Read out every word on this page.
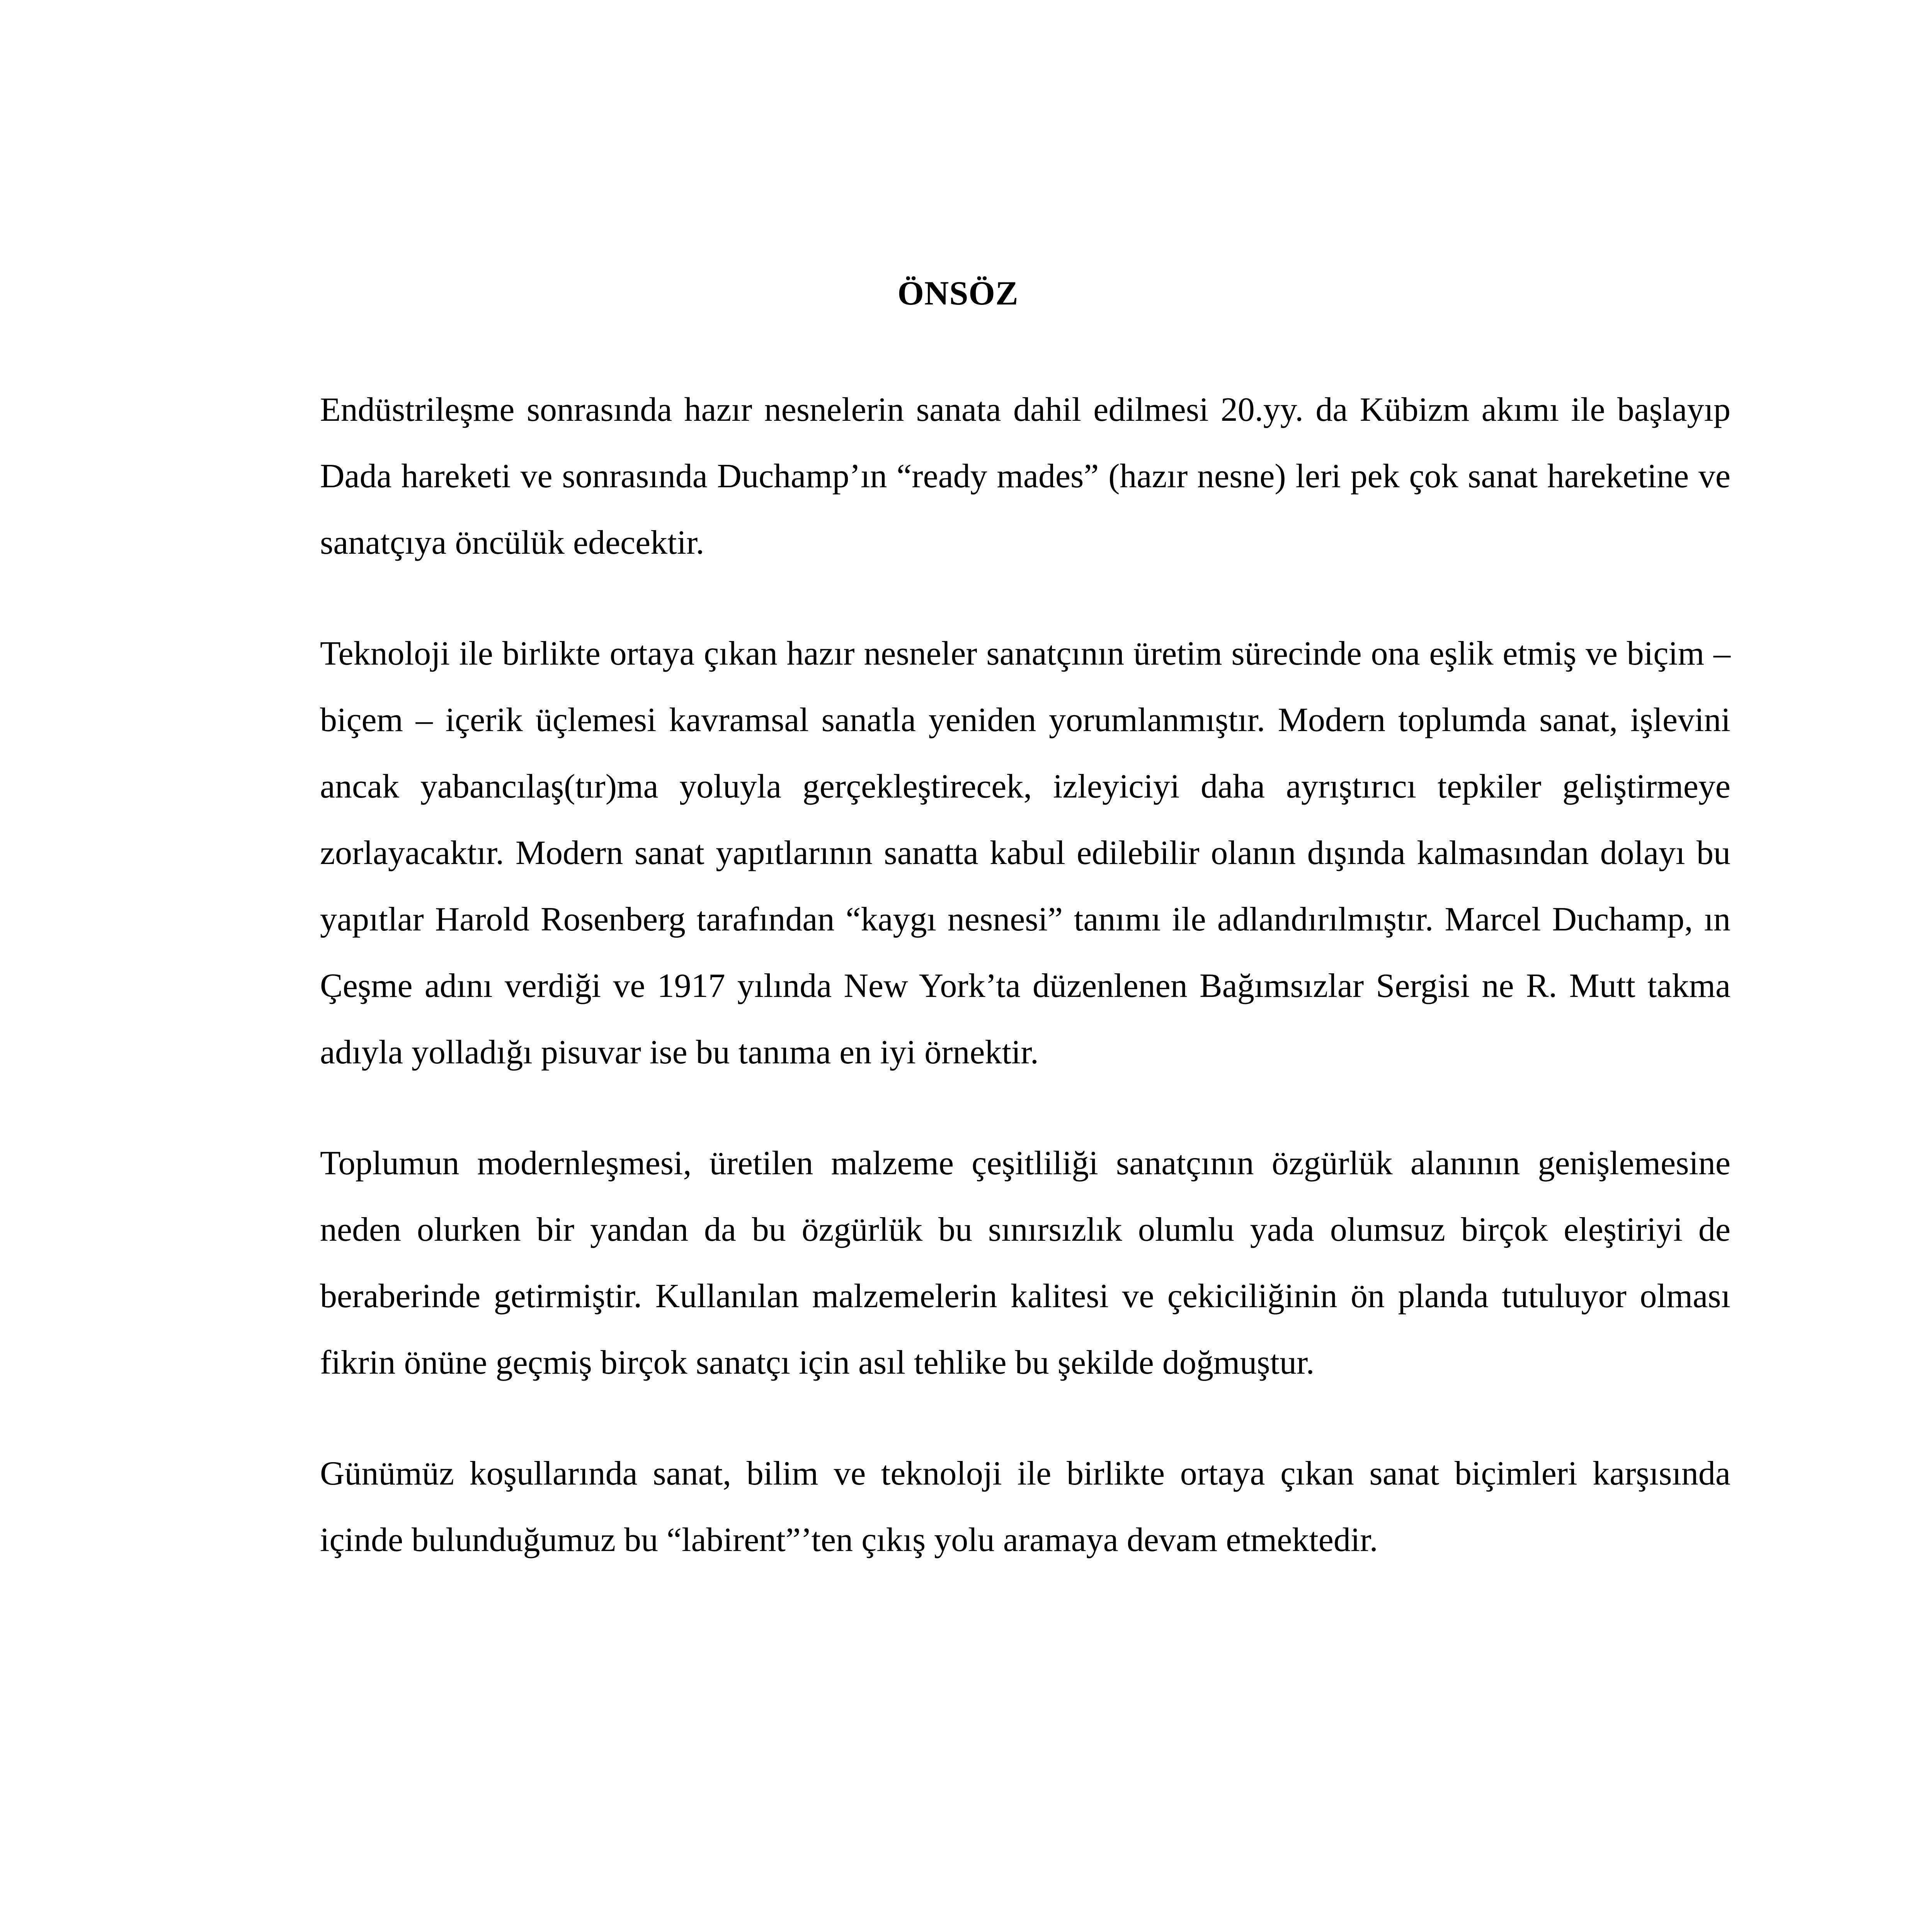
ÖNSÖZ

Endüstrileşme sonrasında hazır nesnelerin sanata dahil edilmesi 20.yy. da Kübizm akımı ile başlayıp Dada hareketi ve sonrasında Duchamp’ın “ready mades” (hazır nesne) leri pek çok sanat hareketine ve sanatçıya öncülük edecektir.

Teknoloji ile birlikte ortaya çıkan hazır nesneler sanatçının üretim sürecinde ona eşlik etmiş ve biçim – biçem – içerik üçlemesi kavramsal sanatla yeniden yorumlanmıştır. Modern toplumda sanat, işlevini ancak yabancılaş(tır)ma yoluyla gerçekleştirecek, izleyiciyi daha ayrıştırıcı tepkiler geliştirmeye zorlayacaktır. Modern sanat yapıtlarının sanatta kabul edilebilir olanın dışında kalmasından dolayı bu yapıtlar Harold Rosenberg tarafından “kaygı nesnesi” tanımı ile adlandırılmıştır. Marcel Duchamp, ın Çeşme adını verdiği ve 1917 yılında New York’ta düzenlenen Bağımsızlar Sergisi ne R. Mutt takma adıyla yolladığı pisuvar ise bu tanıma en iyi örnektir.

Toplumun modernleşmesi, üretilen malzeme çeşitliliği sanatçının özgürlük alanının genişlemesine neden olurken bir yandan da bu özgürlük bu sınırsızlık olumlu yada olumsuz birçok eleştiriyi de beraberinde getirmiştir. Kullanılan malzemelerin kalitesi ve çekiciliğinin ön planda tutuluyor olması fikrin önüne geçmiş birçok sanatçı için asıl tehlike bu şekilde doğmuştur.

Günümüz koşullarında sanat, bilim ve teknoloji ile birlikte ortaya çıkan sanat biçimleri karşısında içinde bulunduğumuz bu “labirent”’ten çıkış yolu aramaya devam etmektedir.
